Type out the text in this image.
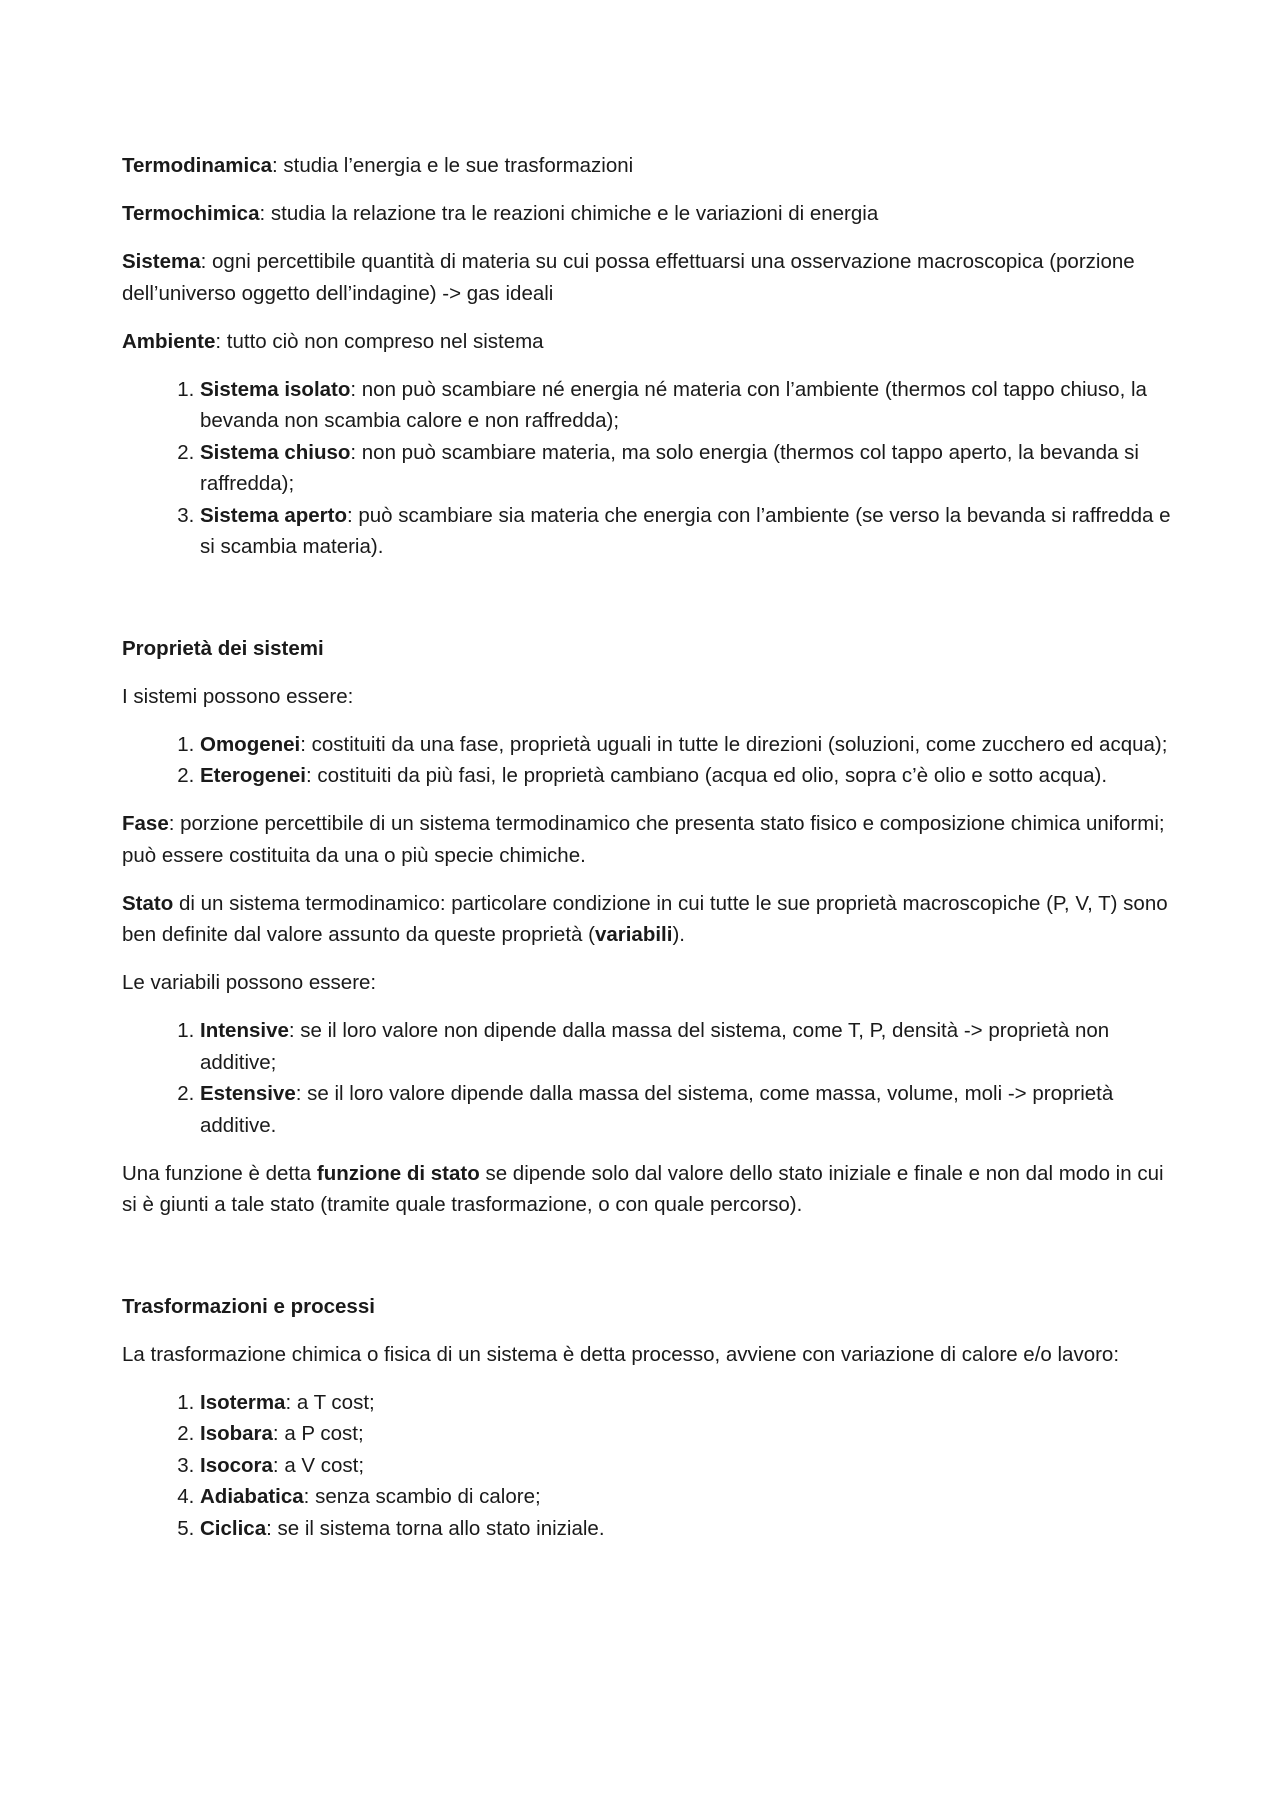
Termodinamica: studia l’energia e le sue trasformazioni

Termochimica: studia la relazione tra le reazioni chimiche e le variazioni di energia

Sistema: ogni percettibile quantità di materia su cui possa effettuarsi una osservazione macroscopica (porzione dell’universo oggetto dell’indagine) -> gas ideali

Ambiente: tutto ciò non compreso nel sistema

1. Sistema isolato: non può scambiare né energia né materia con l’ambiente (thermos col tappo chiuso, la bevanda non scambia calore e non raffredda);
2. Sistema chiuso: non può scambiare materia, ma solo energia (thermos col tappo aperto, la bevanda si raffredda);
3. Sistema aperto: può scambiare sia materia che energia con l’ambiente (se verso la bevanda si raffredda e si scambia materia).

Proprietà dei sistemi

I sistemi possono essere:

1. Omogenei: costituiti da una fase, proprietà uguali in tutte le direzioni (soluzioni, come zucchero ed acqua);
2. Eterogenei: costituiti da più fasi, le proprietà cambiano (acqua ed olio, sopra c’è olio e sotto acqua).

Fase: porzione percettibile di un sistema termodinamico che presenta stato fisico e composizione chimica uniformi; può essere costituita da una o più specie chimiche.

Stato di un sistema termodinamico: particolare condizione in cui tutte le sue proprietà macroscopiche (P, V, T) sono ben definite dal valore assunto da queste proprietà (variabili).

Le variabili possono essere:

1. Intensive: se il loro valore non dipende dalla massa del sistema, come T, P, densità -> proprietà non additive;
2. Estensive: se il loro valore dipende dalla massa del sistema, come massa, volume, moli -> proprietà additive.

Una funzione è detta funzione di stato se dipende solo dal valore dello stato iniziale e finale e non dal modo in cui si è giunti a tale stato (tramite quale trasformazione, o con quale percorso).

Trasformazioni e processi

La trasformazione chimica o fisica di un sistema è detta processo, avviene con variazione di calore e/o lavoro:

1. Isoterma: a T cost;
2. Isobara: a P cost;
3. Isocora: a V cost;
4. Adiabatica: senza scambio di calore;
5. Ciclica: se il sistema torna allo stato iniziale.
